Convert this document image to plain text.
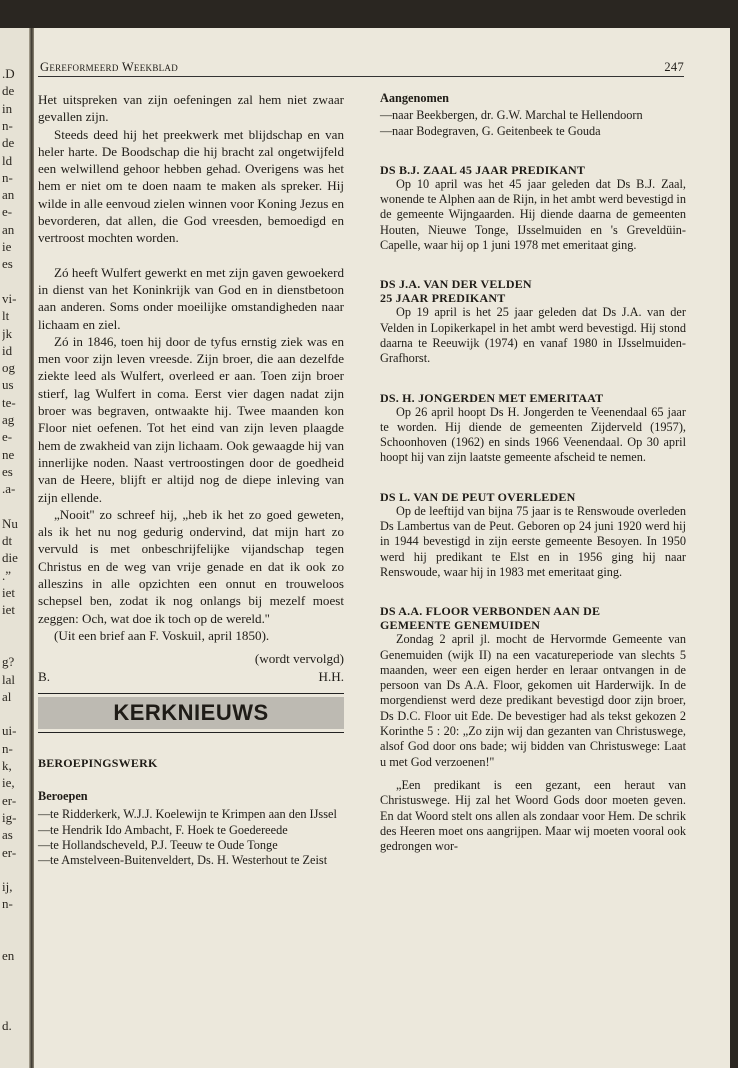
.D
de
in
n-
de
ld
n-
an
e-
an
ie
es
vi-
lt
jk
id
og
us
te-
ag
e-
ne
es
.a-
Nu
dt
die
.”
iet
iet
g?
lal
al
ui-
n-
k,
ie,
er-
ig-
as
er-
ij,
n-
en
d.
Gereformeerd Weekblad	247

Het uitspreken van zijn oefeningen zal hem niet zwaar gevallen zijn.

Steeds deed hij het preekwerk met blijdschap en van heler harte. De Boodschap die hij bracht zal ongetwijfeld een welwillend gehoor hebben gehad. Overigens was het hem er niet om te doen naam te maken als spreker. Hij wilde in alle eenvoud zielen winnen voor Koning Jezus en bevorderen, dat allen, die God vreesden, bemoedigd en vertroost mochten worden.

Zó heeft Wulfert gewerkt en met zijn gaven gewoekerd in dienst van het Koninkrijk van God en in dienstbetoon aan anderen. Soms onder moeilijke omstandigheden naar lichaam en ziel.

Zó in 1846, toen hij door de tyfus ernstig ziek was en men voor zijn leven vreesde. Zijn broer, die aan dezelfde ziekte leed als Wulfert, overleed er aan. Toen zijn broer stierf, lag Wulfert in coma. Eerst vier dagen nadat zijn broer was begraven, ontwaakte hij. Twee maanden kon Floor niet oefenen. Tot het eind van zijn leven plaagde hem de zwakheid van zijn lichaam. Ook gewaagde hij van innerlijke noden. Naast vertroostingen door de goedheid van de Heere, blijft er altijd nog de diepe inleving van zijn ellende.

„Nooit'' zo schreef hij, „heb ik het zo goed geweten, als ik het nu nog gedurig ondervind, dat mijn hart zo vervuld is met onbeschrijfelijke vijandschap tegen Christus en de weg van vrije genade en dat ik ook zo alleszins in alle opzichten een onnut en trouweloos schepsel ben, zodat ik nog onlangs bij mezelf moest zeggen: Och, wat doe ik toch op de wereld.''

(Uit een brief aan F. Voskuil, april 1850).

(wordt vervolgd)

B.	H.H.
KERKNIEUWS
BEROEPINGSWERK
Beroepen
—te Ridderkerk, W.J.J. Koelewijn te Krimpen aan den IJssel
—te Hendrik Ido Ambacht, F. Hoek te Goedereede
—te Hollandscheveld, P.J. Teeuw te Oude Tonge
—te Amstelveen-Buitenveldert, Ds. H. Westerhout te Zeist
Aangenomen
—naar Beekbergen, dr. G.W. Marchal te Hellendoorn
—naar Bodegraven, G. Geitenbeek te Gouda
DS B.J. ZAAL 45 JAAR PREDIKANT

Op 10 april was het 45 jaar geleden dat Ds B.J. Zaal, wonende te Alphen aan de Rijn, in het ambt werd bevestigd in de gemeente Wijngaarden. Hij diende daarna de gemeenten Houten, Nieuwe Tonge, IJsselmuiden en 's Greveldüin-Capelle, waar hij op 1 juni 1978 met emeritaat ging.

DS J.A. VAN DER VELDEN
25 JAAR PREDIKANT

Op 19 april is het 25 jaar geleden dat Ds J.A. van der Velden in Lopikerkapel in het ambt werd bevestigd. Hij stond daarna te Reeuwijk (1974) en vanaf 1980 in IJsselmuiden-Grafhorst.

DS. H. JONGERDEN MET EMERITAAT

Op 26 april hoopt Ds H. Jongerden te Veenendaal 65 jaar te worden. Hij diende de gemeenten Zijderveld (1957), Schoonhoven (1962) en sinds 1966 Veenendaal. Op 30 april hoopt hij van zijn laatste gemeente afscheid te nemen.

DS L. VAN DE PEUT OVERLEDEN

Op de leeftijd van bijna 75 jaar is te Renswoude overleden Ds Lambertus van de Peut. Geboren op 24 juni 1920 werd hij in 1944 bevestigd in zijn eerste gemeente Besoyen. In 1950 werd hij predikant te Elst en in 1956 ging hij naar Renswoude, waar hij in 1983 met emeritaat ging.

DS A.A. FLOOR VERBONDEN AAN DE
GEMEENTE GENEMUIDEN

Zondag 2 april jl. mocht de Hervormde Gemeente van Genemuiden (wijk II) na een vacatureperiode van slechts 5 maanden, weer een eigen herder en leraar ontvangen in de persoon van Ds A.A. Floor, gekomen uit Harderwijk. In de morgendienst werd deze predikant bevestigd door zijn broer, Ds D.C. Floor uit Ede. De bevestiger had als tekst gekozen 2 Korinthe 5 : 20: „Zo zijn wij dan gezanten van Christuswege, alsof God door ons bade; wij bidden van Christuswege: Laat u met God verzoenen!''

„Een predikant is een gezant, een heraut van Christuswege. Hij zal het Woord Gods door moeten geven. En dat Woord stelt ons allen als zondaar voor Hem. De schrik des Heeren moet ons aangrijpen. Maar wij moeten vooral ook gedrongen wor-
